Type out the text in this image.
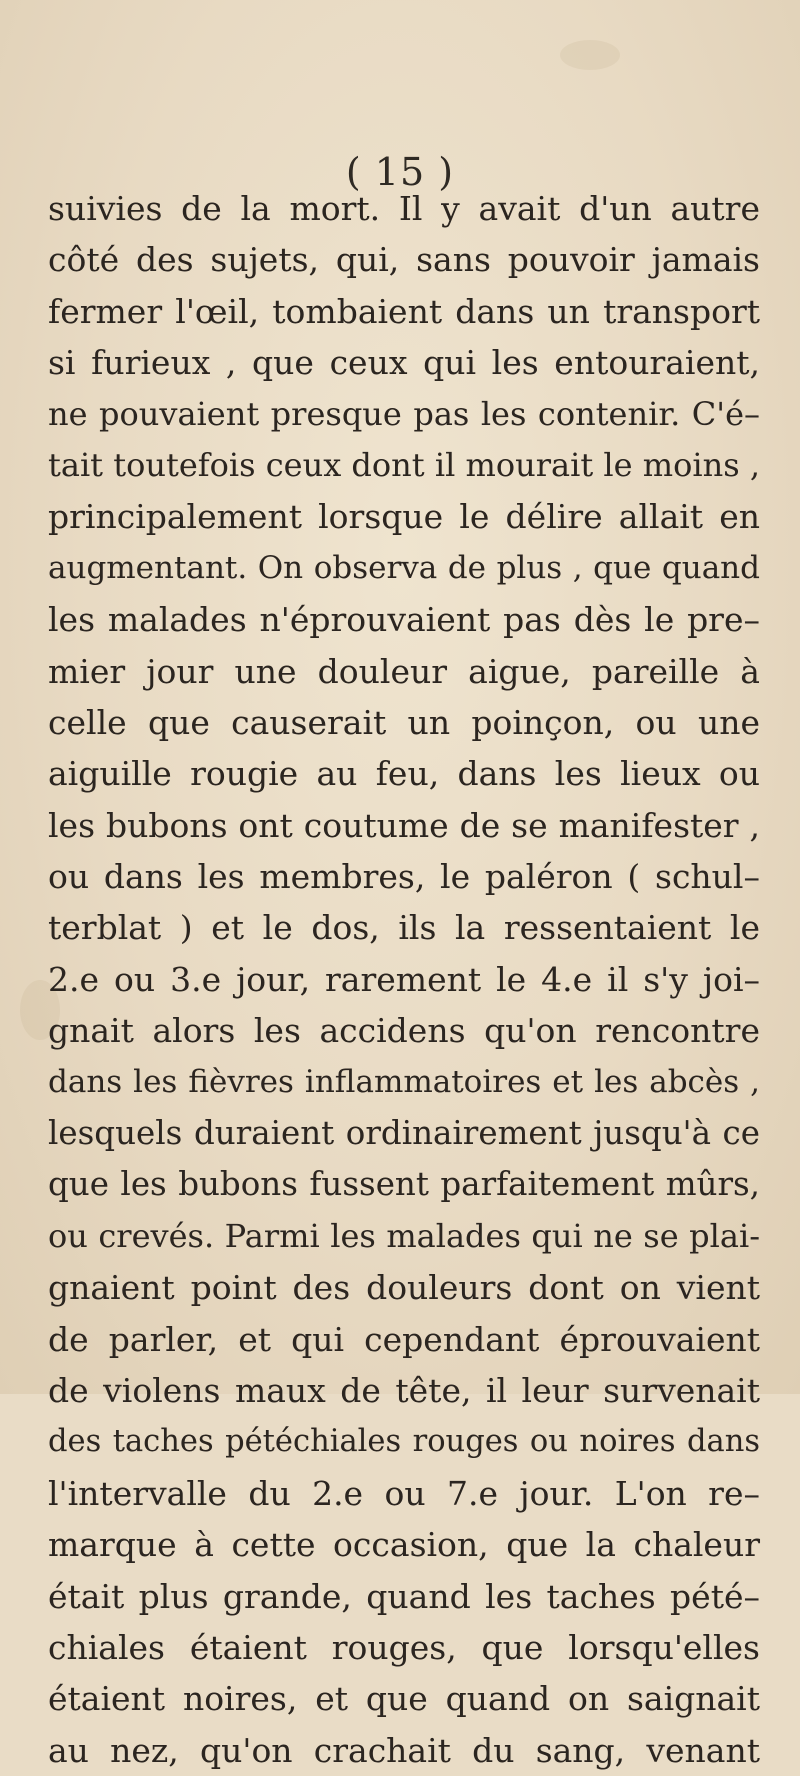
( 15 )
suivies de la mort. Il y avait d'un autre
côté des sujets, qui, sans pouvoir jamais
fermer l'œil, tombaient dans un transport
si furieux , que ceux qui les entouraient,
ne pouvaient presque pas les contenir. C'é–
tait toutefois ceux dont il mourait le moins ,
principalement lorsque le délire allait en
augmentant. On observa de plus , que quand
les malades n'éprouvaient pas dès le pre–
mier jour une douleur aigue, pareille à
celle que causerait un poinçon, ou une
aiguille rougie au feu, dans les lieux ou
les bubons ont coutume de se manifester ,
ou dans les membres, le paléron ( schul–
terblat ) et le dos, ils la ressentaient le
2.e ou 3.e jour, rarement le 4.e il s'y joi–
gnait alors les accidens qu'on rencontre
dans les fièvres inflammatoires et les abcès ,
lesquels duraient ordinairement jusqu'à ce
que les bubons fussent parfaitement mûrs,
ou crevés. Parmi les malades qui ne se plai-
gnaient point des douleurs dont on vient
de parler, et qui cependant éprouvaient
de violens maux de tête, il leur survenait
des taches pétéchiales rouges ou noires dans
l'intervalle du 2.e ou 7.e jour. L'on re–
marque à cette occasion, que la chaleur
était plus grande, quand les taches pété–
chiales étaient rouges, que lorsqu'elles
étaient noires, et que quand on saignait
au nez, qu'on crachait du sang, venant
